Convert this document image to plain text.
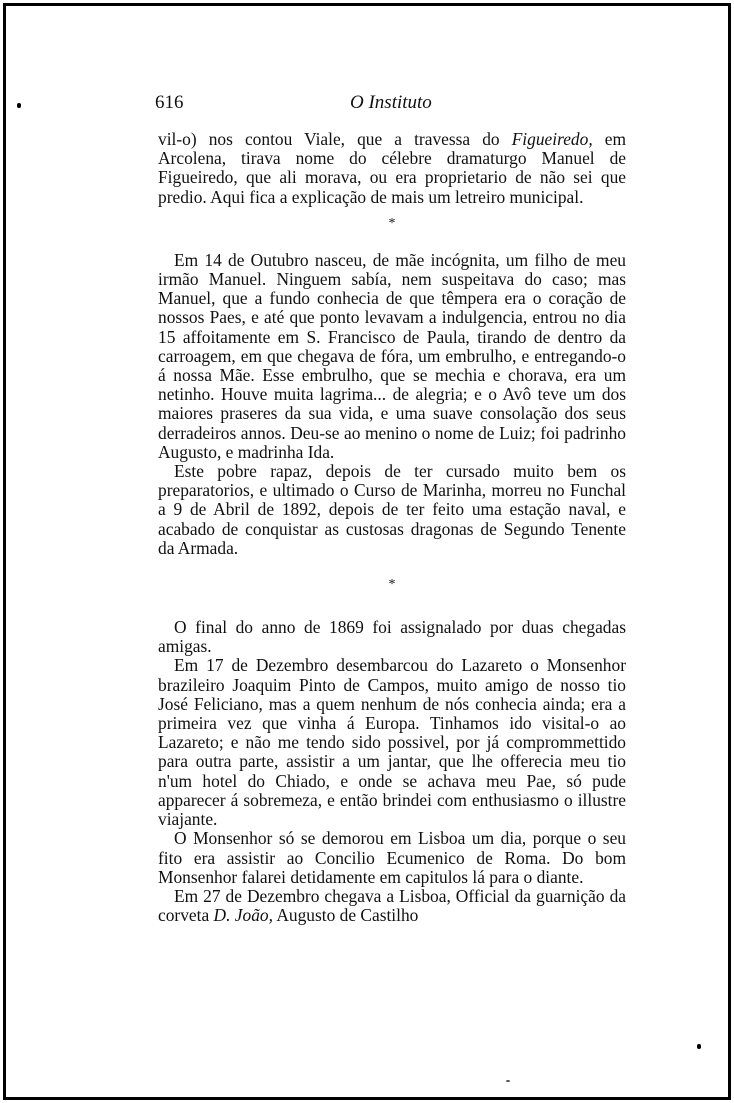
616	O Instituto

vil-o) nos contou Viale, que a travessa do Figueiredo, em Arcolena, tirava nome do célebre dramaturgo Manuel de Figueiredo, que ali morava, ou era proprietario de não sei que predio. Aqui fica a explicação de mais um letreiro municipal.

*

Em 14 de Outubro nasceu, de mãe incógnita, um filho de meu irmão Manuel. Ninguem sabía, nem suspeitava do caso; mas Manuel, que a fundo conhecia de que têmpera era o coração de nossos Paes, e até que ponto levavam a indulgencia, entrou no dia 15 affoitamente em S. Francisco de Paula, tirando de dentro da carroagem, em que chegava de fóra, um embrulho, e entregando-o á nossa Mãe. Esse embrulho, que se mechia e chorava, era um netinho. Houve muita lagrima... de alegria; e o Avô teve um dos maiores praseres da sua vida, e uma suave consolação dos seus derradeiros annos. Deu-se ao menino o nome de Luiz; foi padrinho Augusto, e madrinha Ida.

Este pobre rapaz, depois de ter cursado muito bem os preparatorios, e ultimado o Curso de Marinha, morreu no Funchal a 9 de Abril de 1892, depois de ter feito uma estação naval, e acabado de conquistar as custosas dragonas de Segundo Tenente da Armada.

*

O final do anno de 1869 foi assignalado por duas chegadas amigas.

Em 17 de Dezembro desembarcou do Lazareto o Monsenhor brazileiro Joaquim Pinto de Campos, muito amigo de nosso tio José Feliciano, mas a quem nenhum de nós conhecia ainda; era a primeira vez que vinha á Europa. Tinhamos ido visital-o ao Lazareto; e não me tendo sido possivel, por já comprommettido para outra parte, assistir a um jantar, que lhe offerecia meu tio n'um hotel do Chiado, e onde se achava meu Pae, só pude apparecer á sobremeza, e então brindei com enthusiasmo o illustre viajante.

O Monsenhor só se demorou em Lisboa um dia, porque o seu fito era assistir ao Concilio Ecumenico de Roma. Do bom Monsenhor falarei detidamente em capitulos lá para o diante.

Em 27 de Dezembro chegava a Lisboa, Official da guarnição da corveta D. João, Augusto de Castilho
